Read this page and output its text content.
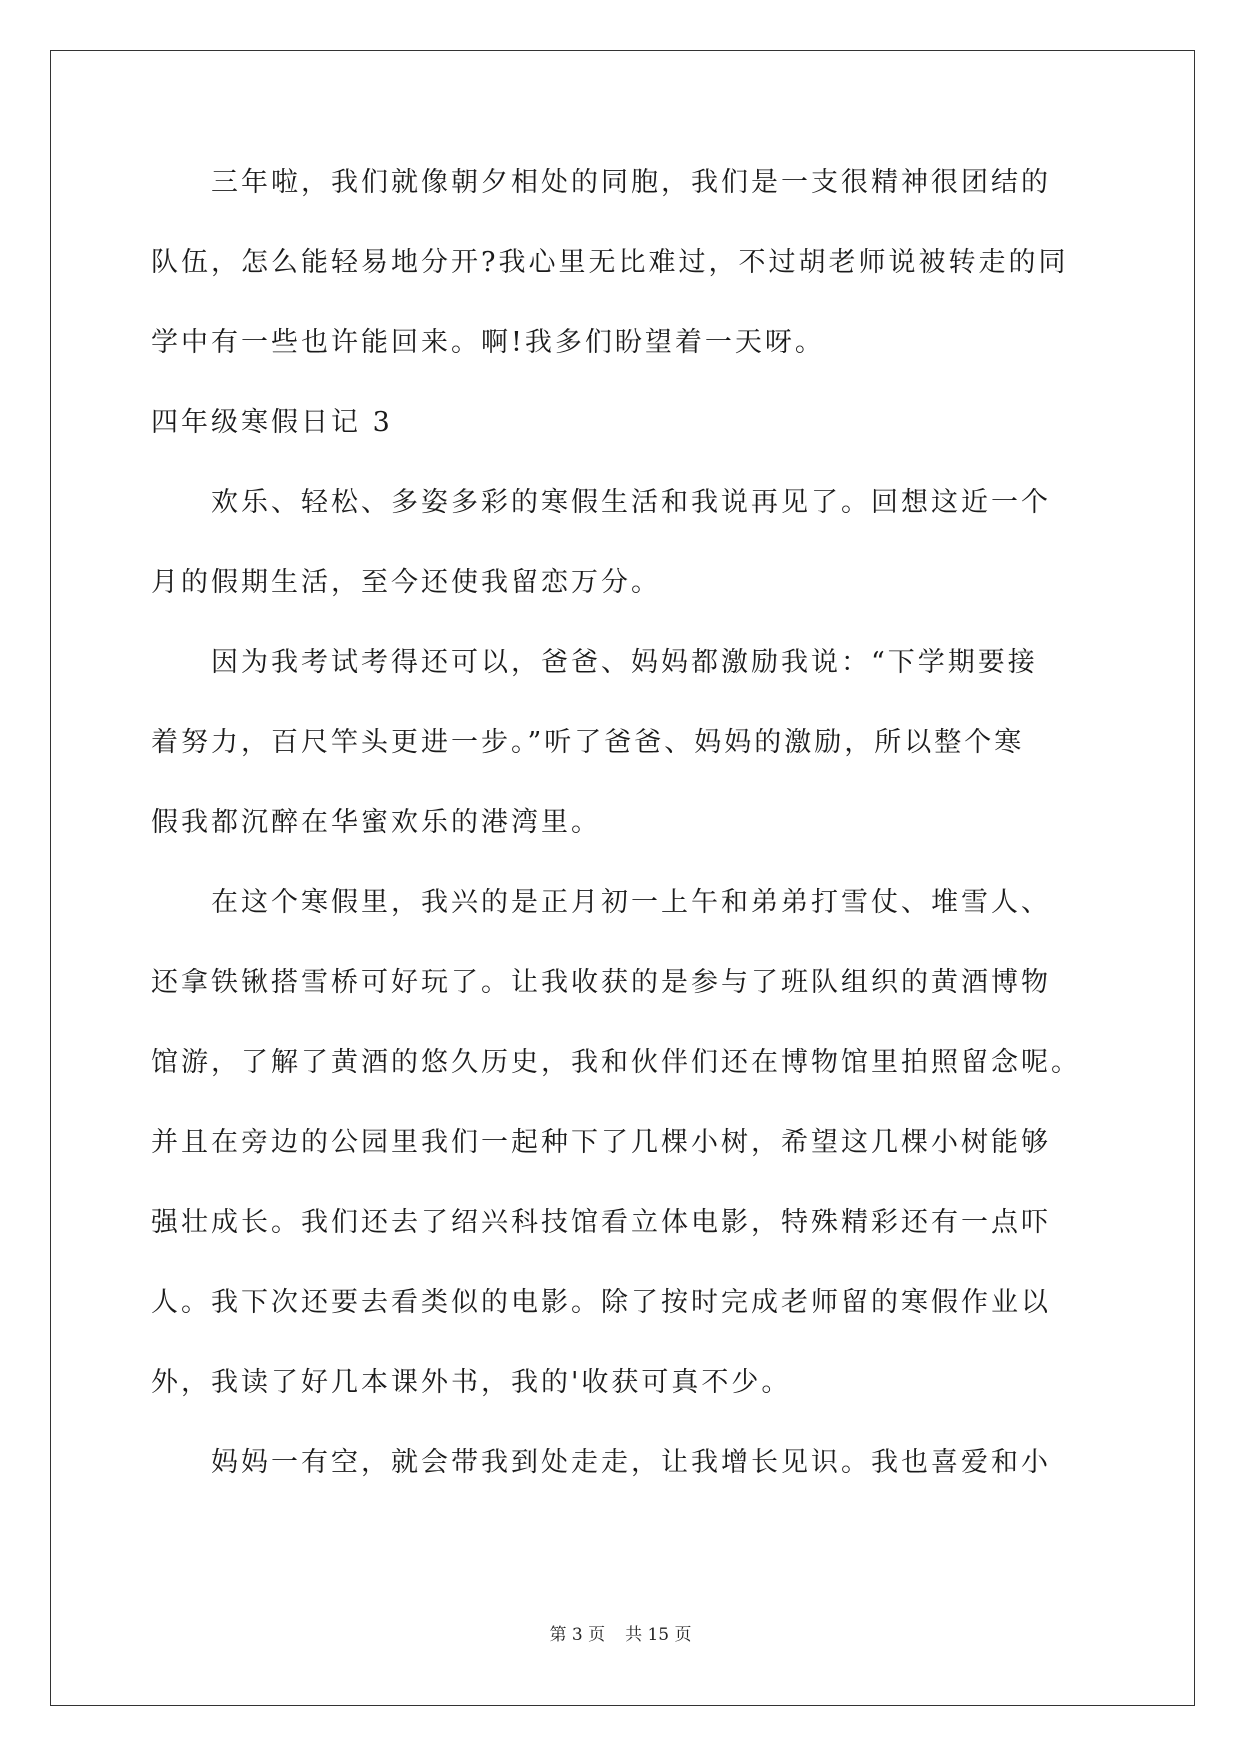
　　三年啦，我们就像朝夕相处的同胞，我们是一支很精神很团结的
队伍，怎么能轻易地分开?我心里无比难过，不过胡老师说被转走的同
学中有一些也许能回来。啊!我多们盼望着一天呀。
四年级寒假日记 3
　　欢乐、轻松、多姿多彩的寒假生活和我说再见了。回想这近一个
月的假期生活，至今还使我留恋万分。
　　因为我考试考得还可以，爸爸、妈妈都激励我说：“下学期要接
着努力，百尺竿头更进一步。”听了爸爸、妈妈的激励，所以整个寒
假我都沉醉在华蜜欢乐的港湾里。
　　在这个寒假里，我兴的是正月初一上午和弟弟打雪仗、堆雪人、
还拿铁锹搭雪桥可好玩了。让我收获的是参与了班队组织的黄酒博物
馆游，了解了黄酒的悠久历史，我和伙伴们还在博物馆里拍照留念呢。
并且在旁边的公园里我们一起种下了几棵小树，希望这几棵小树能够
强壮成长。我们还去了绍兴科技馆看立体电影，特殊精彩还有一点吓
人。我下次还要去看类似的电影。除了按时完成老师留的寒假作业以
外，我读了好几本课外书，我的'收获可真不少。
　　妈妈一有空，就会带我到处走走，让我增长见识。我也喜爱和小
第 3 页 共 15 页
